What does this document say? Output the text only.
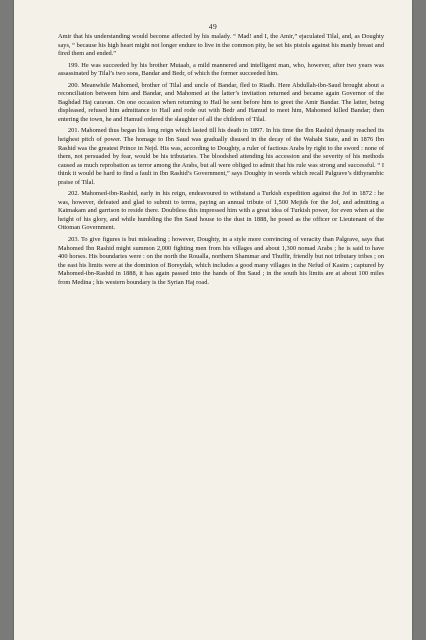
49

Amir that his understanding would become affected by his malady. “ Mad! and I, the Amir,” ejaculated Tilal, and, as Doughty says, “ because his high heart might not longer endure to live in the common pity, he set his pistols against his manly breast and fired them and ended.”

199. He was succeeded by his brother Mutaab, a mild mannered and intelligent man, who, however, after two years was assassinated by Tilal’s two sons, Bandar and Bedr, of which the former succeeded him.

200. Meanwhile Mahomed, brother of Tilal and uncle of Bandar, fled to Riadh. Here Abdullah-ibn-Saud brought about a reconciliation between him and Bandar, and Mahomed at the latter’s invitation returned and became again Governor of the Baghdad Haj caravan. On one occasion when returning to Hail he sent before him to greet the Amir Bandar. The latter, being displeased, refused him admittance to Hail and rode out with Bedr and Hamud to meet him, Mahomed killed Bandar; then entering the town, he and Hamud ordered the slaughter of all the children of Tilal.

201. Mahomed thus began his long reign which lasted till his death in 1897. In his time the Ibn Rashid dynasty reached its heighest pitch of power. The homage to Ibn Saud was gradually disused in the decay of the Wahabi State, and in 1876 Ibn Rashid was the greatest Prince in Nejd. His was, according to Doughty, a ruler of factious Arabs by right to the sword : none of them, not persuaded by fear, would be his tributaries. The bloodshed attending his accession and the severity of his methods caused as much reprobation as terror among the Arabs, but all were obliged to admit that his rule was strong and successful. “ I think it would be hard to find a fault in Ibn Rashid’s Government,” says Doughty in words which recall Palgrave’s dithyrambic praise of Tilal.

202. Mahomed-ibn-Rashid, early in his reign, endeavoured to withstand a Turkish expedition against the Jof in 1872 : he was, however, defeated and glad to submit to terms, paying an annual tribute of 1,500 Mejids for the Jof, and admitting a Kaimakam and garrison to reside there. Doubtless this impressed him with a great idea of Turkish power, for even when at the height of his glory, and while humbling the Ibn Saud house to the dust in 1888, he posed as the officer or Lieutenant of the Ottoman Government.

203. To give figures is but misleading ; however, Doughty, in a style more convincing of veracity than Palgrave, says that Mahomed Ibn Rashid might summon 2,000 fighting men from his villages and about 1,300 nomad Arabs ; he is said to have 400 horses. His boundaries were : on the north the Roualla, northern Shammar and Thuffir, friendly but not tributary tribes ; on the east his limits were at the dominion of Boreydah, which includes a good many villages in the Nefud of Kasim ; captured by Mahomed-ibn-Rashid in 1888, it has again passed into the hands of Ibn Saud ; in the south his limits are at about 100 miles from Medina ; his western boundary is the Syrian Haj road.
